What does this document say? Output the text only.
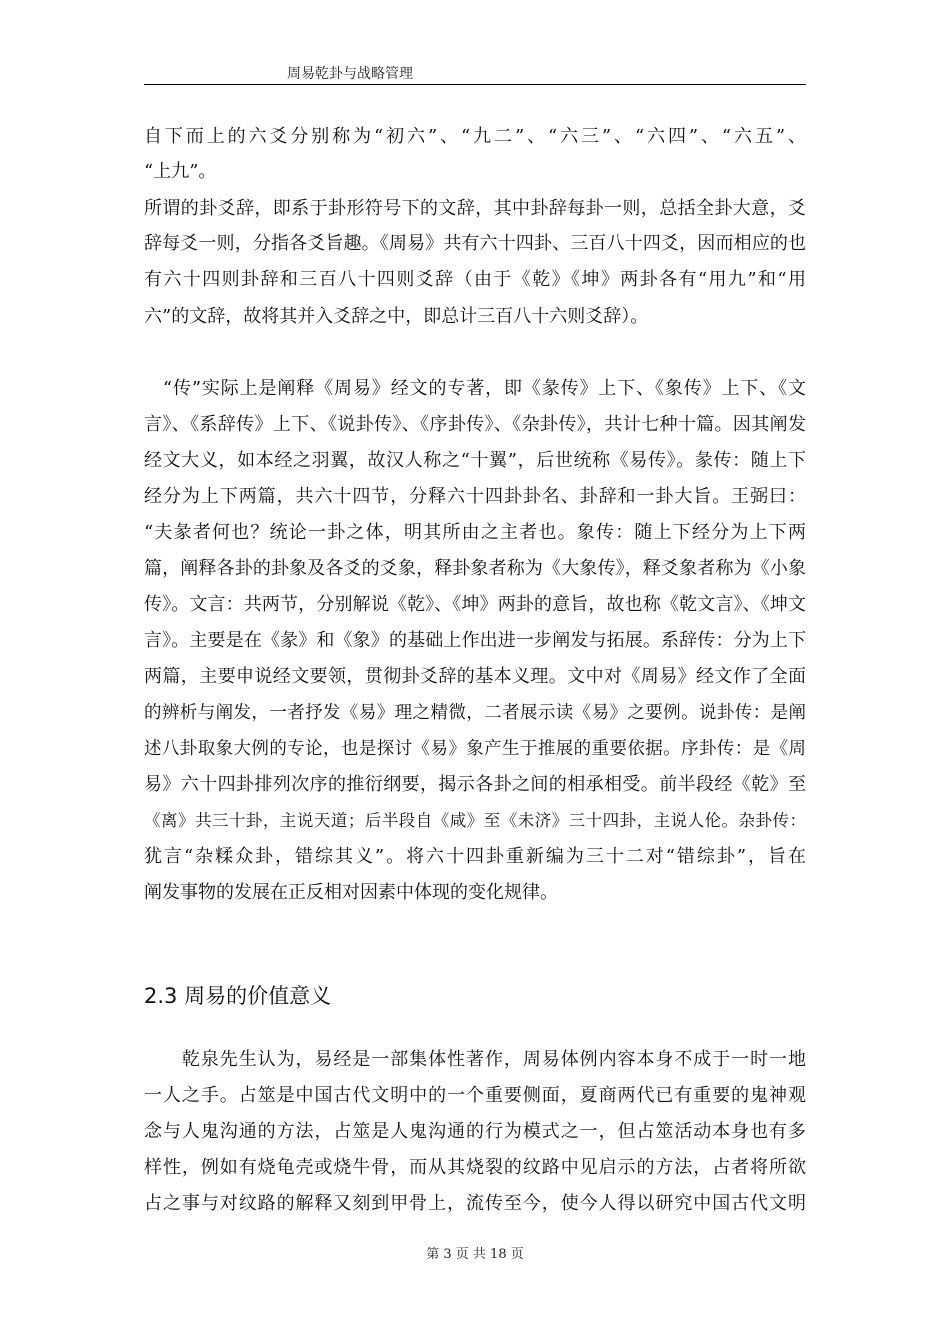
周易乾卦与战略管理
自下而上的六爻分别称为“初六”、“九二”、“六三”、“六四”、“六五”、
“上九”。
所谓的卦爻辞，即系于卦形符号下的文辞，其中卦辞每卦一则，总括全卦大意，爻
辞每爻一则，分指各爻旨趣。《周易》共有六十四卦、三百八十四爻，因而相应的也
有六十四则卦辞和三百八十四则爻辞（由于《乾》《坤》两卦各有“用九”和“用
六”的文辞，故将其并入爻辞之中，即总计三百八十六则爻辞）。
　“传”实际上是阐释《周易》经文的专著，即《彖传》上下、《象传》上下、《文
言》、《系辞传》上下、《说卦传》、《序卦传》、《杂卦传》，共计七种十篇。因其阐发
经文大义，如本经之羽翼，故汉人称之“十翼”，后世统称《易传》。彖传：随上下
经分为上下两篇，共六十四节，分释六十四卦卦名、卦辞和一卦大旨。王弼曰：
“夫彖者何也？统论一卦之体，明其所由之主者也。象传：随上下经分为上下两
篇，阐释各卦的卦象及各爻的爻象，释卦象者称为《大象传》，释爻象者称为《小象
传》。文言：共两节，分别解说《乾》、《坤》两卦的意旨，故也称《乾文言》、《坤文
言》。主要是在《彖》和《象》的基础上作出进一步阐发与拓展。系辞传：分为上下
两篇，主要申说经文要领，贯彻卦爻辞的基本义理。文中对《周易》经文作了全面
的辨析与阐发，一者抒发《易》理之精微，二者展示读《易》之要例。说卦传：是阐
述八卦取象大例的专论，也是探讨《易》象产生于推展的重要依据。序卦传：是《周
易》六十四卦排列次序的推衍纲要，揭示各卦之间的相承相受。前半段经《乾》至
《离》共三十卦，主说天道；后半段自《咸》至《未济》三十四卦，主说人伦。杂卦传：
犹言“杂糅众卦，错综其义”。将六十四卦重新编为三十二对“错综卦”，旨在
阐发事物的发展在正反相对因素中体现的变化规律。
2.3 周易的价值意义
　　乾泉先生认为，易经是一部集体性著作，周易体例内容本身不成于一时一地
一人之手。占筮是中国古代文明中的一个重要侧面，夏商两代已有重要的鬼神观
念与人鬼沟通的方法，占筮是人鬼沟通的行为模式之一，但占筮活动本身也有多
样性，例如有烧龟壳或烧牛骨，而从其烧裂的纹路中见启示的方法，占者将所欲
占之事与对纹路的解释又刻到甲骨上，流传至今，使今人得以研究中国古代文明
第 3 页 共 18 页
